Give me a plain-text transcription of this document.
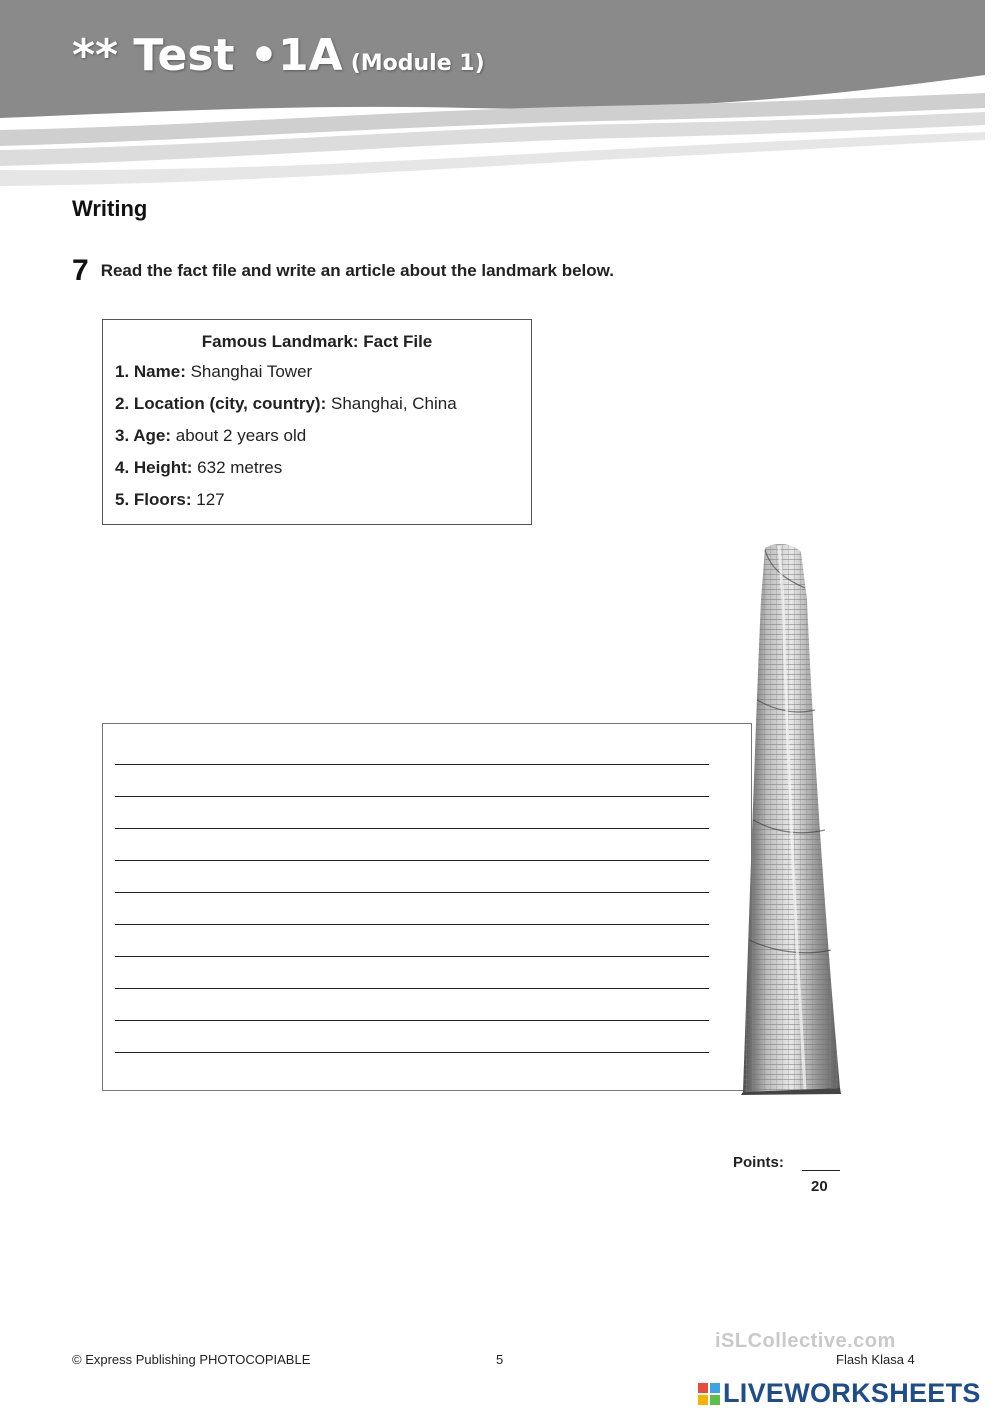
** Test •1A (Module 1)
Writing
7 Read the fact file and write an article about the landmark below.
Famous Landmark: Fact File
1. Name: Shanghai Tower
2. Location (city, country): Shanghai, China
3. Age: about 2 years old
4. Height: 632 metres
5. Floors: 127
Points:
20
iSLCollective.com
© Express Publishing PHOTOCOPIABLE	5	Flash Klasa 4
LIVEWORKSHEETS
